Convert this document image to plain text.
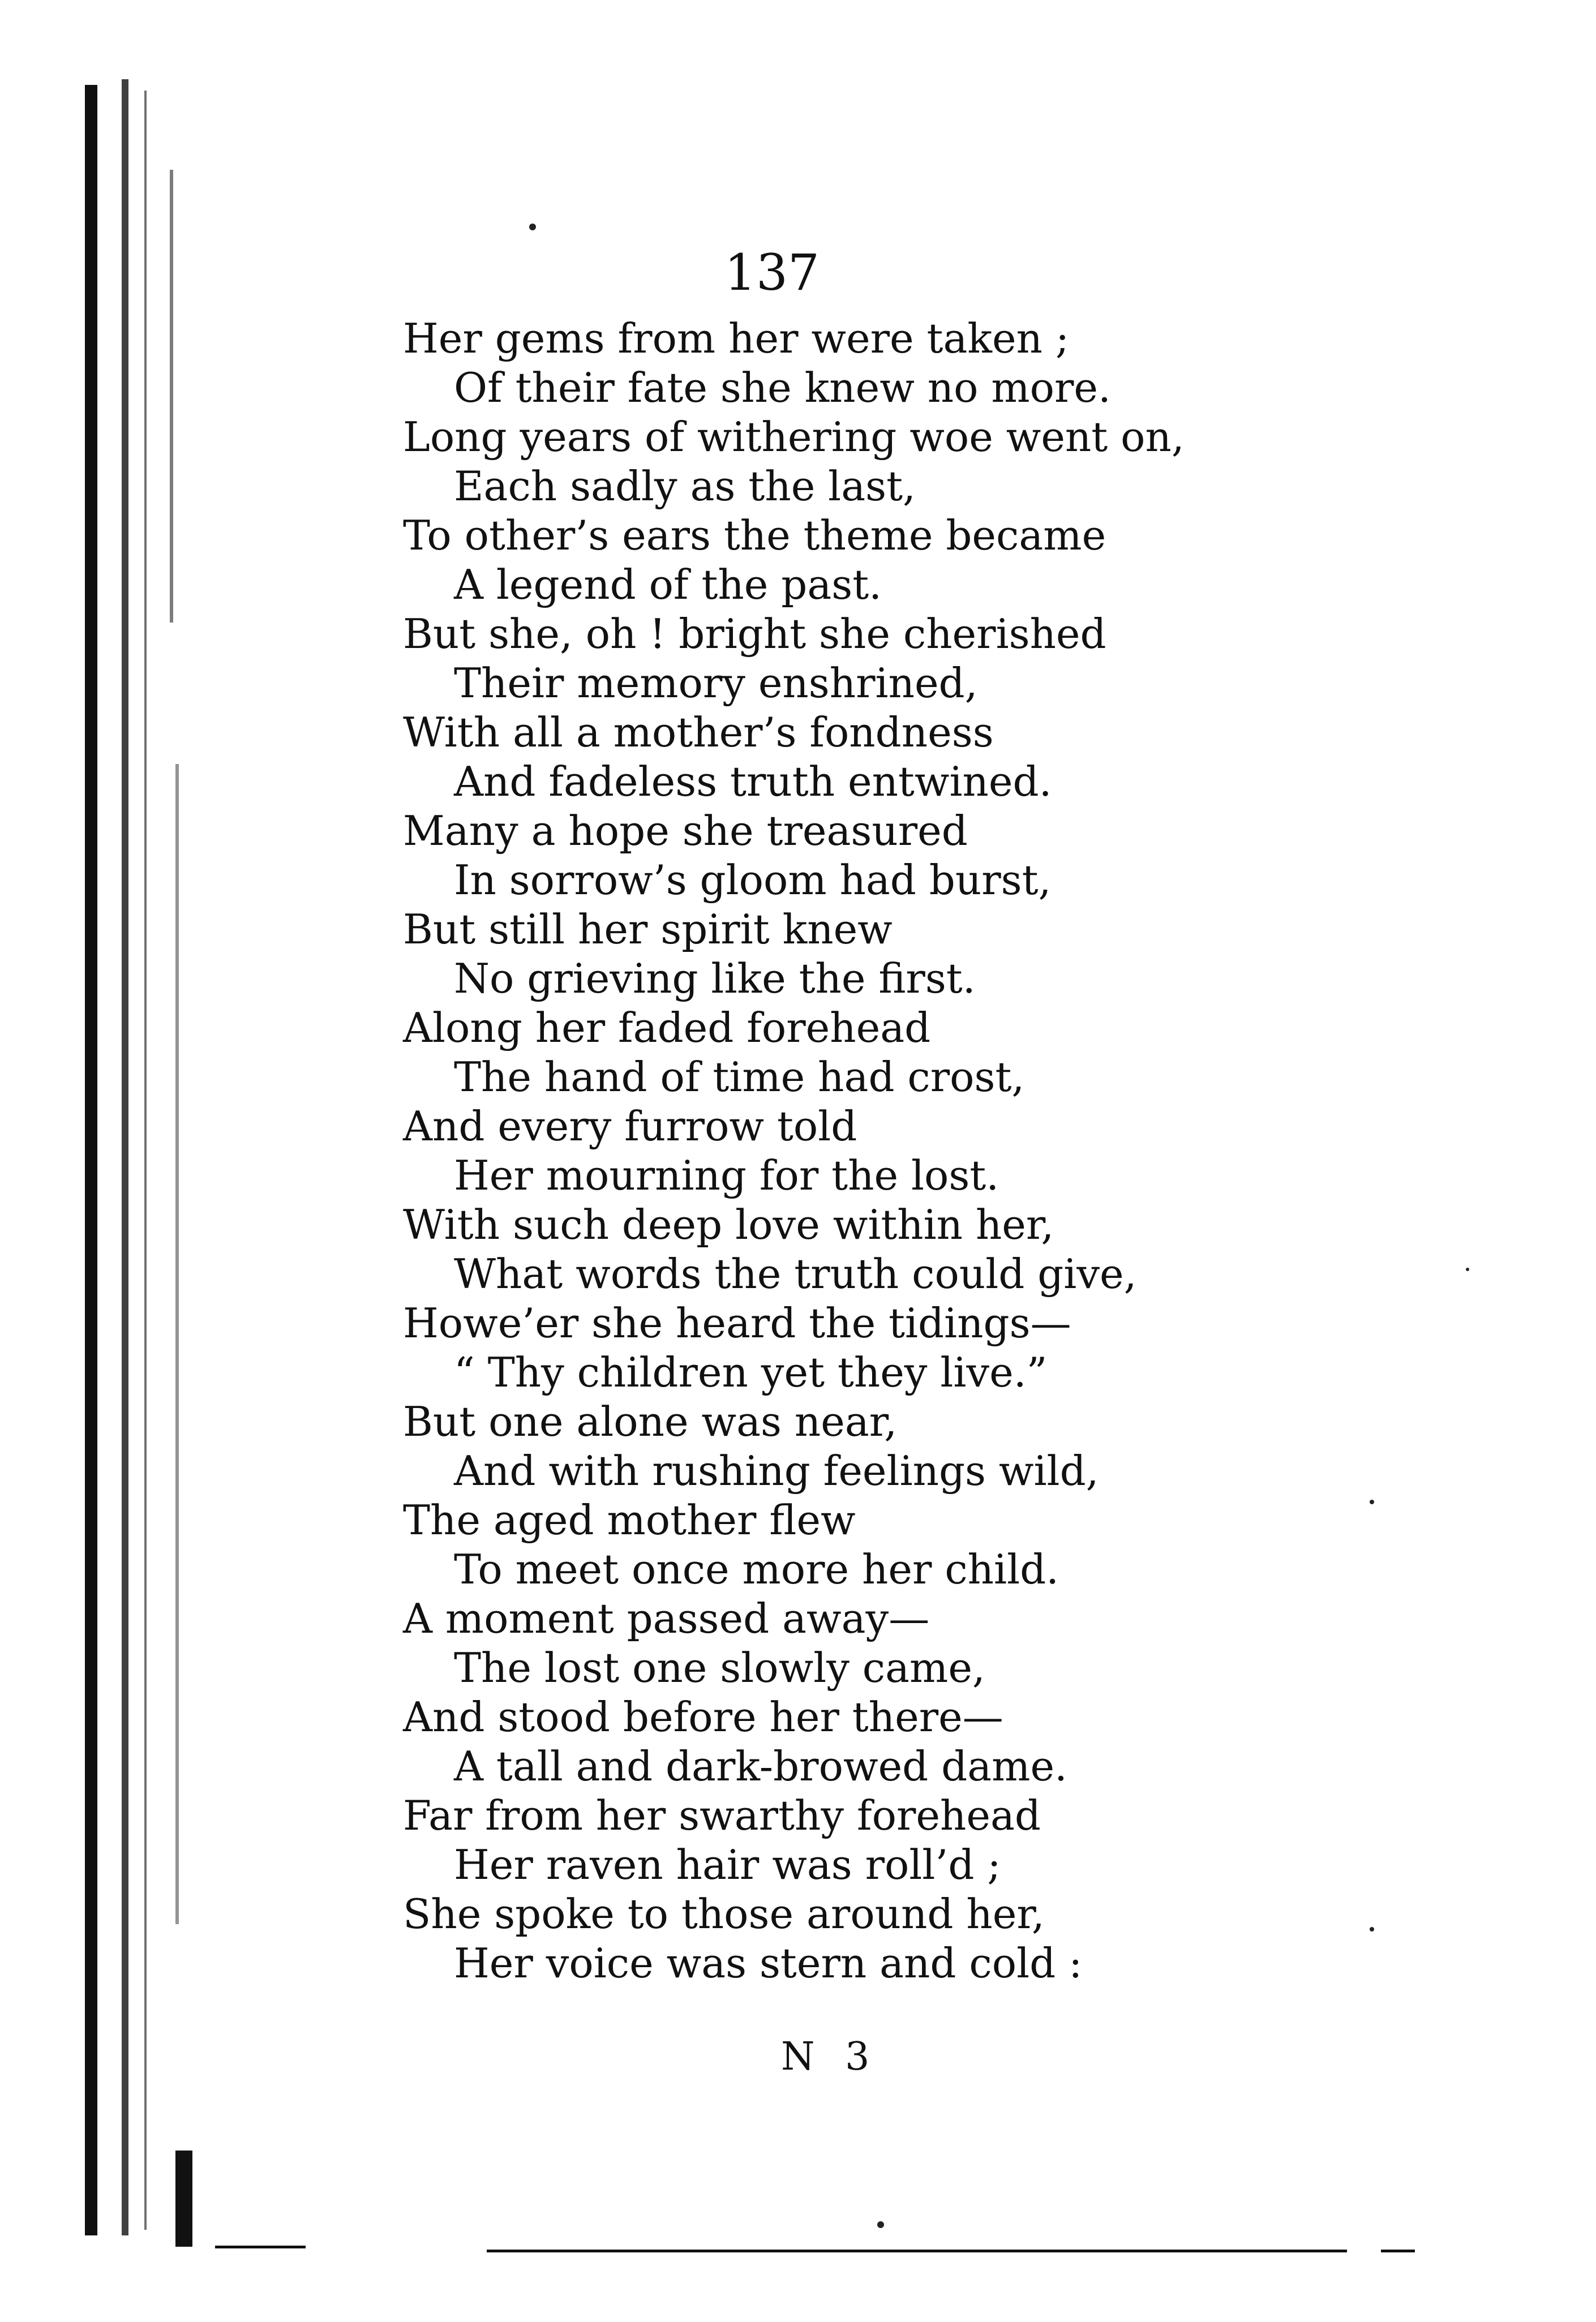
137
Her gems from her were taken ;
Of their fate she knew no more.
Long years of withering woe went on,
Each sadly as the last,
To other’s ears the theme became
A legend of the past.
But she, oh ! bright she cherished
Their memory enshrined,
With all a mother’s fondness
And fadeless truth entwined.
Many a hope she treasured
In sorrow’s gloom had burst,
But still her spirit knew
No grieving like the first.
Along her faded forehead
The hand of time had crost,
And every furrow told
Her mourning for the lost.
With such deep love within her,
What words the truth could give,
Howe’er she heard the tidings—
“ Thy children yet they live.”
But one alone was near,
And with rushing feelings wild,
The aged mother flew
To meet once more her child.
A moment passed away—
The lost one slowly came,
And stood before her there—
A tall and dark-browed dame.
Far from her swarthy forehead
Her raven hair was roll’d ;
She spoke to those around her,
Her voice was stern and cold :
N 3
